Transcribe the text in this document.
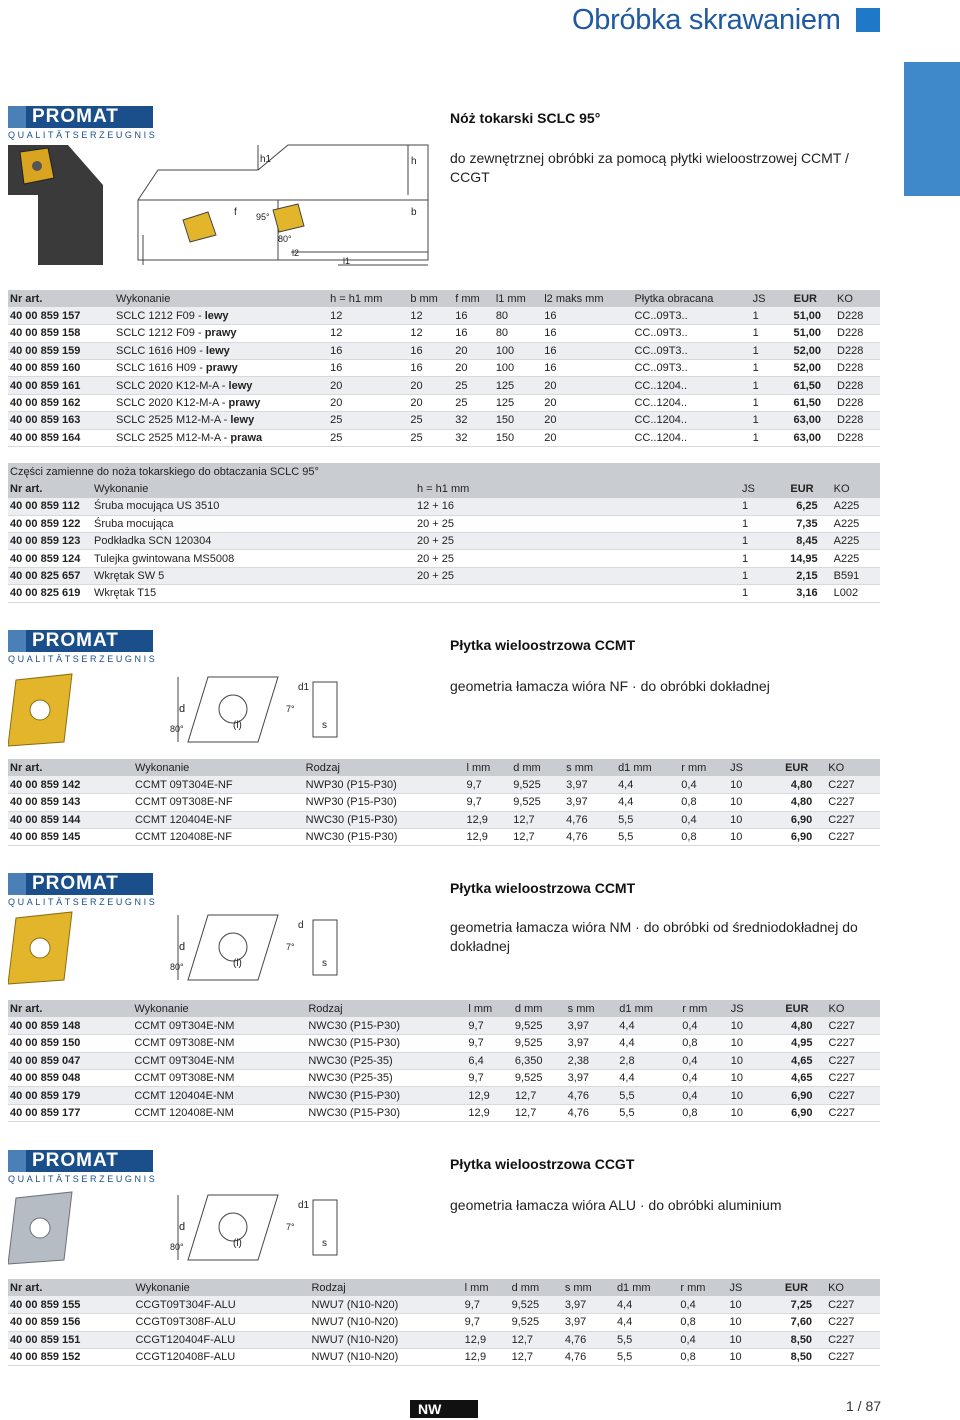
Obróbka skrawaniem
PROMAT
QUALITÄTSERZEUGNIS
Nóż tokarski SCLC 95°
do zewnętrznej obróbki za pomocą płytki wieloostrzowej CCMT / CCGT
h1	h
b
f 95°
80°
l2
l1
Nr art.	Wykonanie	h = h1 mm	b mm	f mm	l1 mm	l2 maks mm	Płytka obracana	JS	EUR	KO
40 00 859 157	SCLC 1212 F09 - lewy	12	12	16	80	16	CC..09T3..	1	51,00	D228
40 00 859 158	SCLC 1212 F09 - prawy	12	12	16	80	16	CC..09T3..	1	51,00	D228
40 00 859 159	SCLC 1616 H09 - lewy	16	16	20	100	16	CC..09T3..	1	52,00	D228
40 00 859 160	SCLC 1616 H09 - prawy	16	16	20	100	16	CC..09T3..	1	52,00	D228
40 00 859 161	SCLC 2020 K12-M-A - lewy	20	20	25	125	20	CC..1204..	1	61,50	D228
40 00 859 162	SCLC 2020 K12-M-A - prawy	20	20	25	125	20	CC..1204..	1	61,50	D228
40 00 859 163	SCLC 2525 M12-M-A - lewy	25	25	32	150	20	CC..1204..	1	63,00	D228
40 00 859 164	SCLC 2525 M12-M-A - prawa	25	25	32	150	20	CC..1204..	1	63,00	D228
Części zamienne do noża tokarskiego do obtaczania SCLC 95°					
Nr art.	Wykonanie	h = h1 mm	JS	EUR	KO
40 00 859 112	Śruba mocująca US 3510	12 + 16	1	6,25	A225
40 00 859 122	Śruba mocująca	20 + 25	1	7,35	A225
40 00 859 123	Podkładka SCN 120304	20 + 25	1	8,45	A225
40 00 859 124	Tulejka gwintowana MS5008	20 + 25	1	14,95	A225
40 00 825 657	Wkrętak SW 5	20 + 25	1	2,15	B591
40 00 825 619	Wkrętak T15		1	3,16	L002
PROMAT
QUALITÄTSERZEUGNIS
Płytka wieloostrzowa CCMT
geometria łamacza wióra NF · do obróbki dokładnej
d
(l)
80°
7°
d1
s
Nr art.	Wykonanie	Rodzaj	l mm	d mm	s mm	d1 mm	r mm	JS	EUR	KO
40 00 859 142	CCMT 09T304E-NF	NWP30 (P15-P30)	9,7	9,525	3,97	4,4	0,4	10	4,80	C227
40 00 859 143	CCMT 09T308E-NF	NWP30 (P15-P30)	9,7	9,525	3,97	4,4	0,8	10	4,80	C227
40 00 859 144	CCMT 120404E-NF	NWC30 (P15-P30)	12,9	12,7	4,76	5,5	0,4	10	6,90	C227
40 00 859 145	CCMT 120408E-NF	NWC30 (P15-P30)	12,9	12,7	4,76	5,5	0,8	10	6,90	C227
PROMAT
QUALITÄTSERZEUGNIS
Płytka wieloostrzowa CCMT
geometria łamacza wióra NM · do obróbki od średniodokładnej do dokładnej
d
(l)
80°
7°
d
s
Nr art.	Wykonanie	Rodzaj	l mm	d mm	s mm	d1 mm	r mm	JS	EUR	KO
40 00 859 148	CCMT 09T304E-NM	NWC30 (P15-P30)	9,7	9,525	3,97	4,4	0,4	10	4,80	C227
40 00 859 150	CCMT 09T308E-NM	NWC30 (P15-P30)	9,7	9,525	3,97	4,4	0,8	10	4,95	C227
40 00 859 047	CCMT 09T304E-NM	NWC30 (P25-35)	6,4	6,350	2,38	2,8	0,4	10	4,65	C227
40 00 859 048	CCMT 09T308E-NM	NWC30 (P25-35)	9,7	9,525	3,97	4,4	0,4	10	4,65	C227
40 00 859 179	CCMT 120404E-NM	NWC30 (P15-P30)	12,9	12,7	4,76	5,5	0,4	10	6,90	C227
40 00 859 177	CCMT 120408E-NM	NWC30 (P15-P30)	12,9	12,7	4,76	5,5	0,8	10	6,90	C227
PROMAT
QUALITÄTSERZEUGNIS
Płytka wieloostrzowa CCGT
geometria łamacza wióra ALU · do obróbki aluminium
d
(l)
80°
7°
d1
s
Nr art.	Wykonanie	Rodzaj	l mm	d mm	s mm	d1 mm	r mm	JS	EUR	KO
40 00 859 155	CCGT09T304F-ALU	NWU7 (N10-N20)	9,7	9,525	3,97	4,4	0,4	10	7,25	C227
40 00 859 156	CCGT09T308F-ALU	NWU7 (N10-N20)	9,7	9,525	3,97	4,4	0,8	10	7,60	C227
40 00 859 151	CCGT120404F-ALU	NWU7 (N10-N20)	12,9	12,7	4,76	5,5	0,4	10	8,50	C227
40 00 859 152	CCGT120408F-ALU	NWU7 (N10-N20)	12,9	12,7	4,76	5,5	0,8	10	8,50	C227
NW	1 / 87
